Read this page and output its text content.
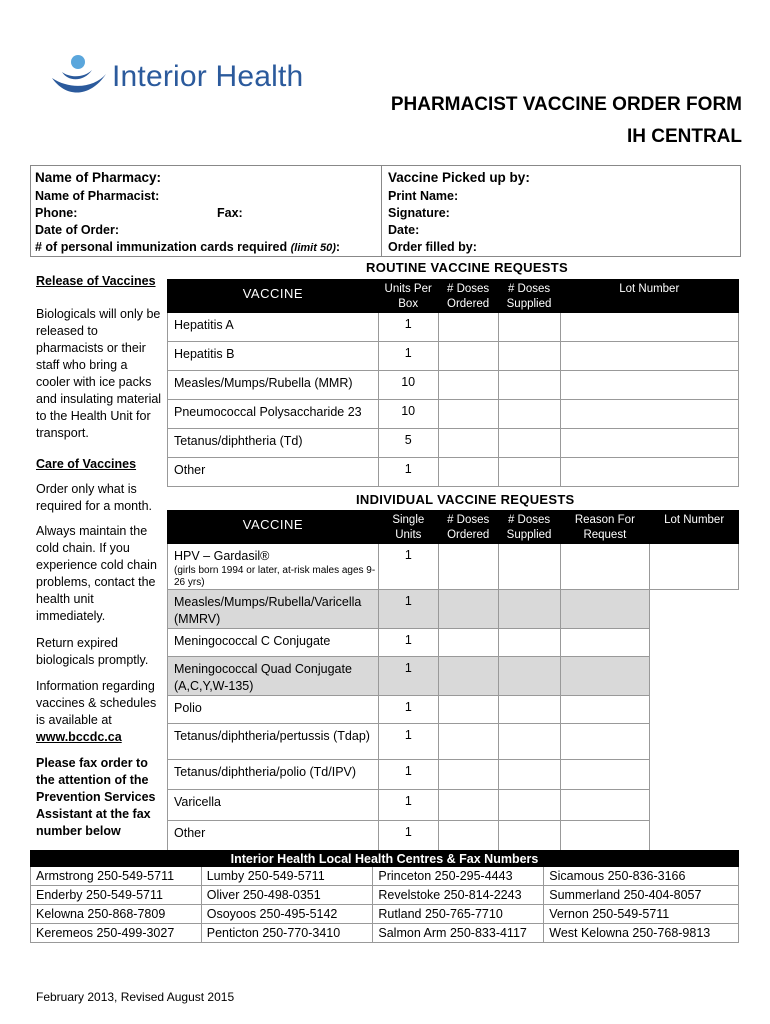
Interior Health
PHARMACIST VACCINE ORDER FORM
IH CENTRAL
Name of Pharmacy:
Name of Pharmacist:
Phone:	Fax:
Date of Order:
# of personal immunization cards required (limit 50):
Vaccine Picked up by:
Print Name:
Signature:
Date:
Order filled by:
Release of Vaccines
Biologicals will only be released to pharmacists or their staff who bring a cooler with ice packs and insulating material to the Health Unit for transport.
Care of Vaccines
Order only what is required for a month.
Always maintain the cold chain. If you experience cold chain problems, contact the health unit immediately.
Return expired biologicals promptly.
Information regarding vaccines & schedules is available at www.bccdc.ca
Please fax order to the attention of the Prevention Services Assistant at the fax number below
ROUTINE VACCINE REQUESTS
VACCINE	Units Per Box	# Doses Ordered	# Doses Supplied	Lot Number
Hepatitis A	1			
Hepatitis B	1			
Measles/Mumps/Rubella (MMR)	10			
Pneumococcal Polysaccharide 23	10			
Tetanus/diphtheria (Td)	5			
Other	1			
INDIVIDUAL VACCINE REQUESTS
VACCINE	Single Units	# Doses Ordered	# Doses Supplied	Reason For Request	Lot Number
HPV – Gardasil®
(girls born 1994 or later, at-risk males ages 9-26 yrs)	1				
Measles/Mumps/Rubella/Varicella (MMRV)	1				
Meningococcal C Conjugate	1				
Meningococcal Quad Conjugate (A,C,Y,W-135)	1				
Polio	1				
Tetanus/diphtheria/pertussis (Tdap)	1				
Tetanus/diphtheria/polio (Td/IPV)	1				
Varicella	1				
Other	1				
Interior Health Local Health Centres & Fax Numbers			
Armstrong 250-549-5711	Lumby 250-549-5711	Princeton 250-295-4443	Sicamous 250-836-3166
Enderby 250-549-5711	Oliver 250-498-0351	Revelstoke 250-814-2243	Summerland 250-404-8057
Kelowna 250-868-7809	Osoyoos 250-495-5142	Rutland 250-765-7710	Vernon 250-549-5711
Keremeos 250-499-3027	Penticton 250-770-3410	Salmon Arm 250-833-4117	West Kelowna 250-768-9813
February 2013, Revised August 2015
